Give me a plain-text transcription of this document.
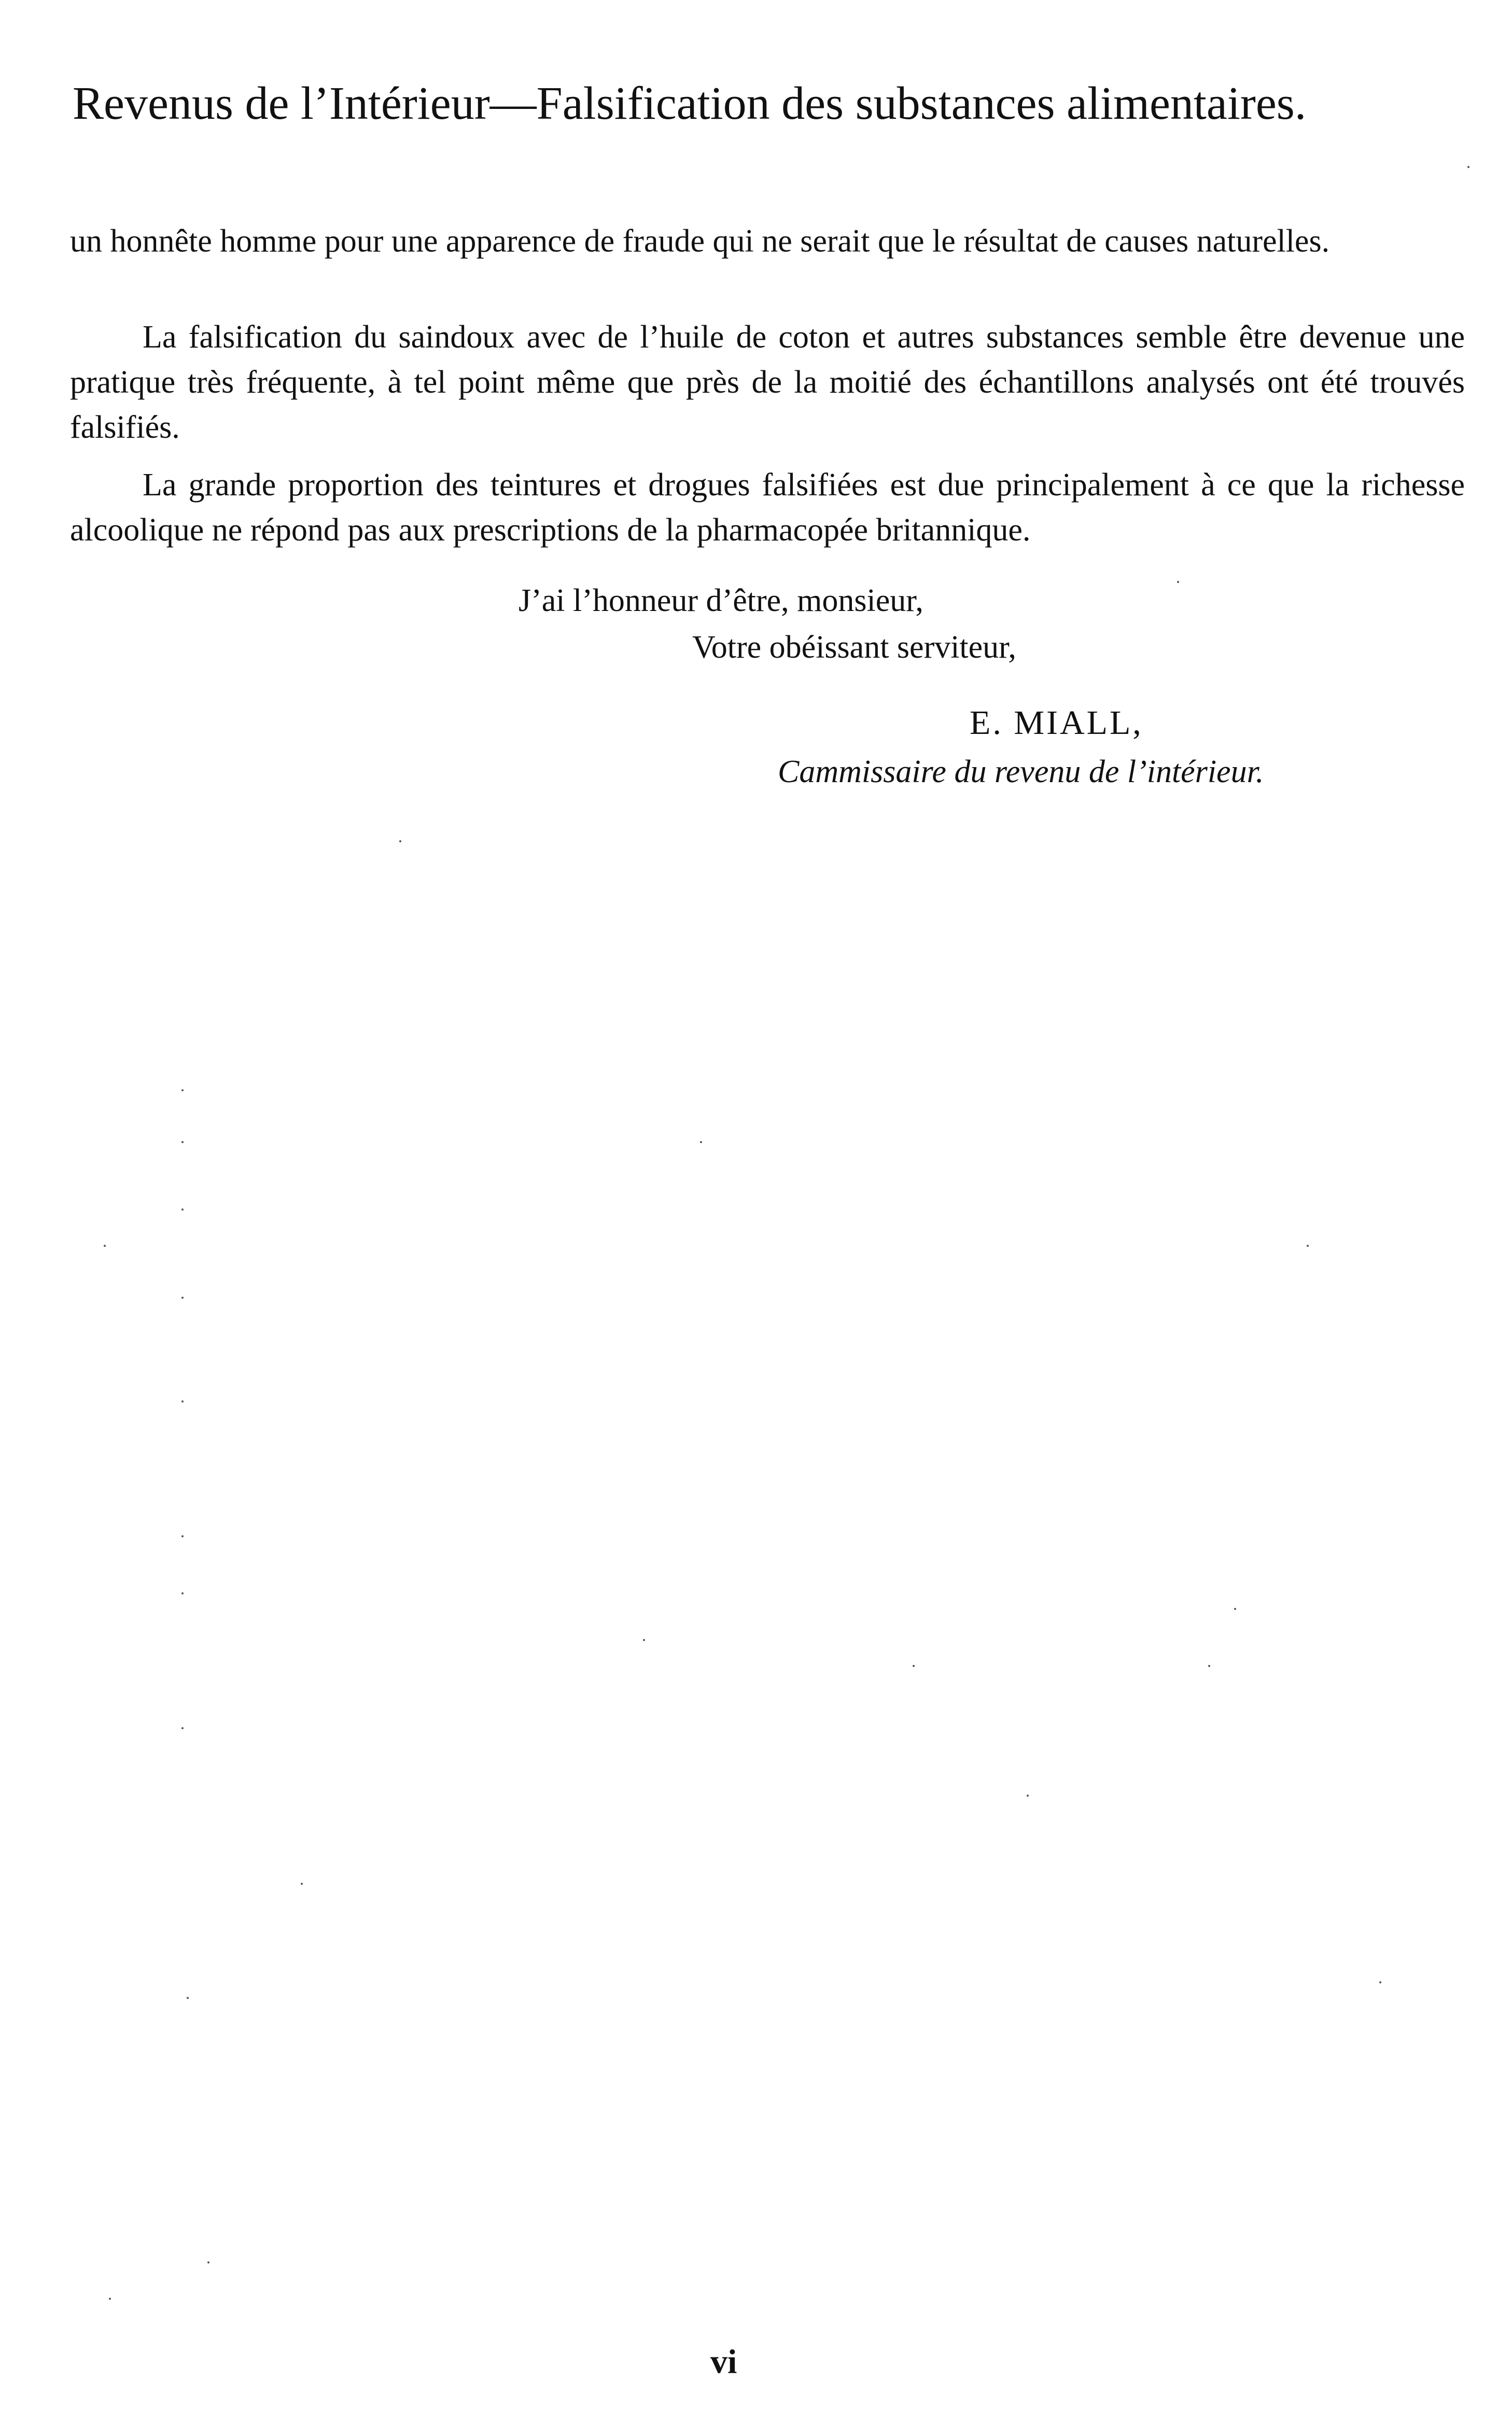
Revenus de l’Intérieur—Falsification des substances alimentaires.

un honnête homme pour une apparence de fraude qui ne serait que le résultat de causes naturelles.

La falsification du saindoux avec de l’huile de coton et autres substances semble être devenue une pratique très fréquente, à tel point même que près de la moitié des échantillons analysés ont été trouvés falsifiés.

La grande proportion des teintures et drogues falsifiées est due principalement à ce que la richesse alcoolique ne répond pas aux prescriptions de la pharmacopée britannique.

J’ai l’honneur d’être, monsieur,
Votre obéissant serviteur,
E. MIALL,
Cammissaire du revenu de l’intérieur.
vi
